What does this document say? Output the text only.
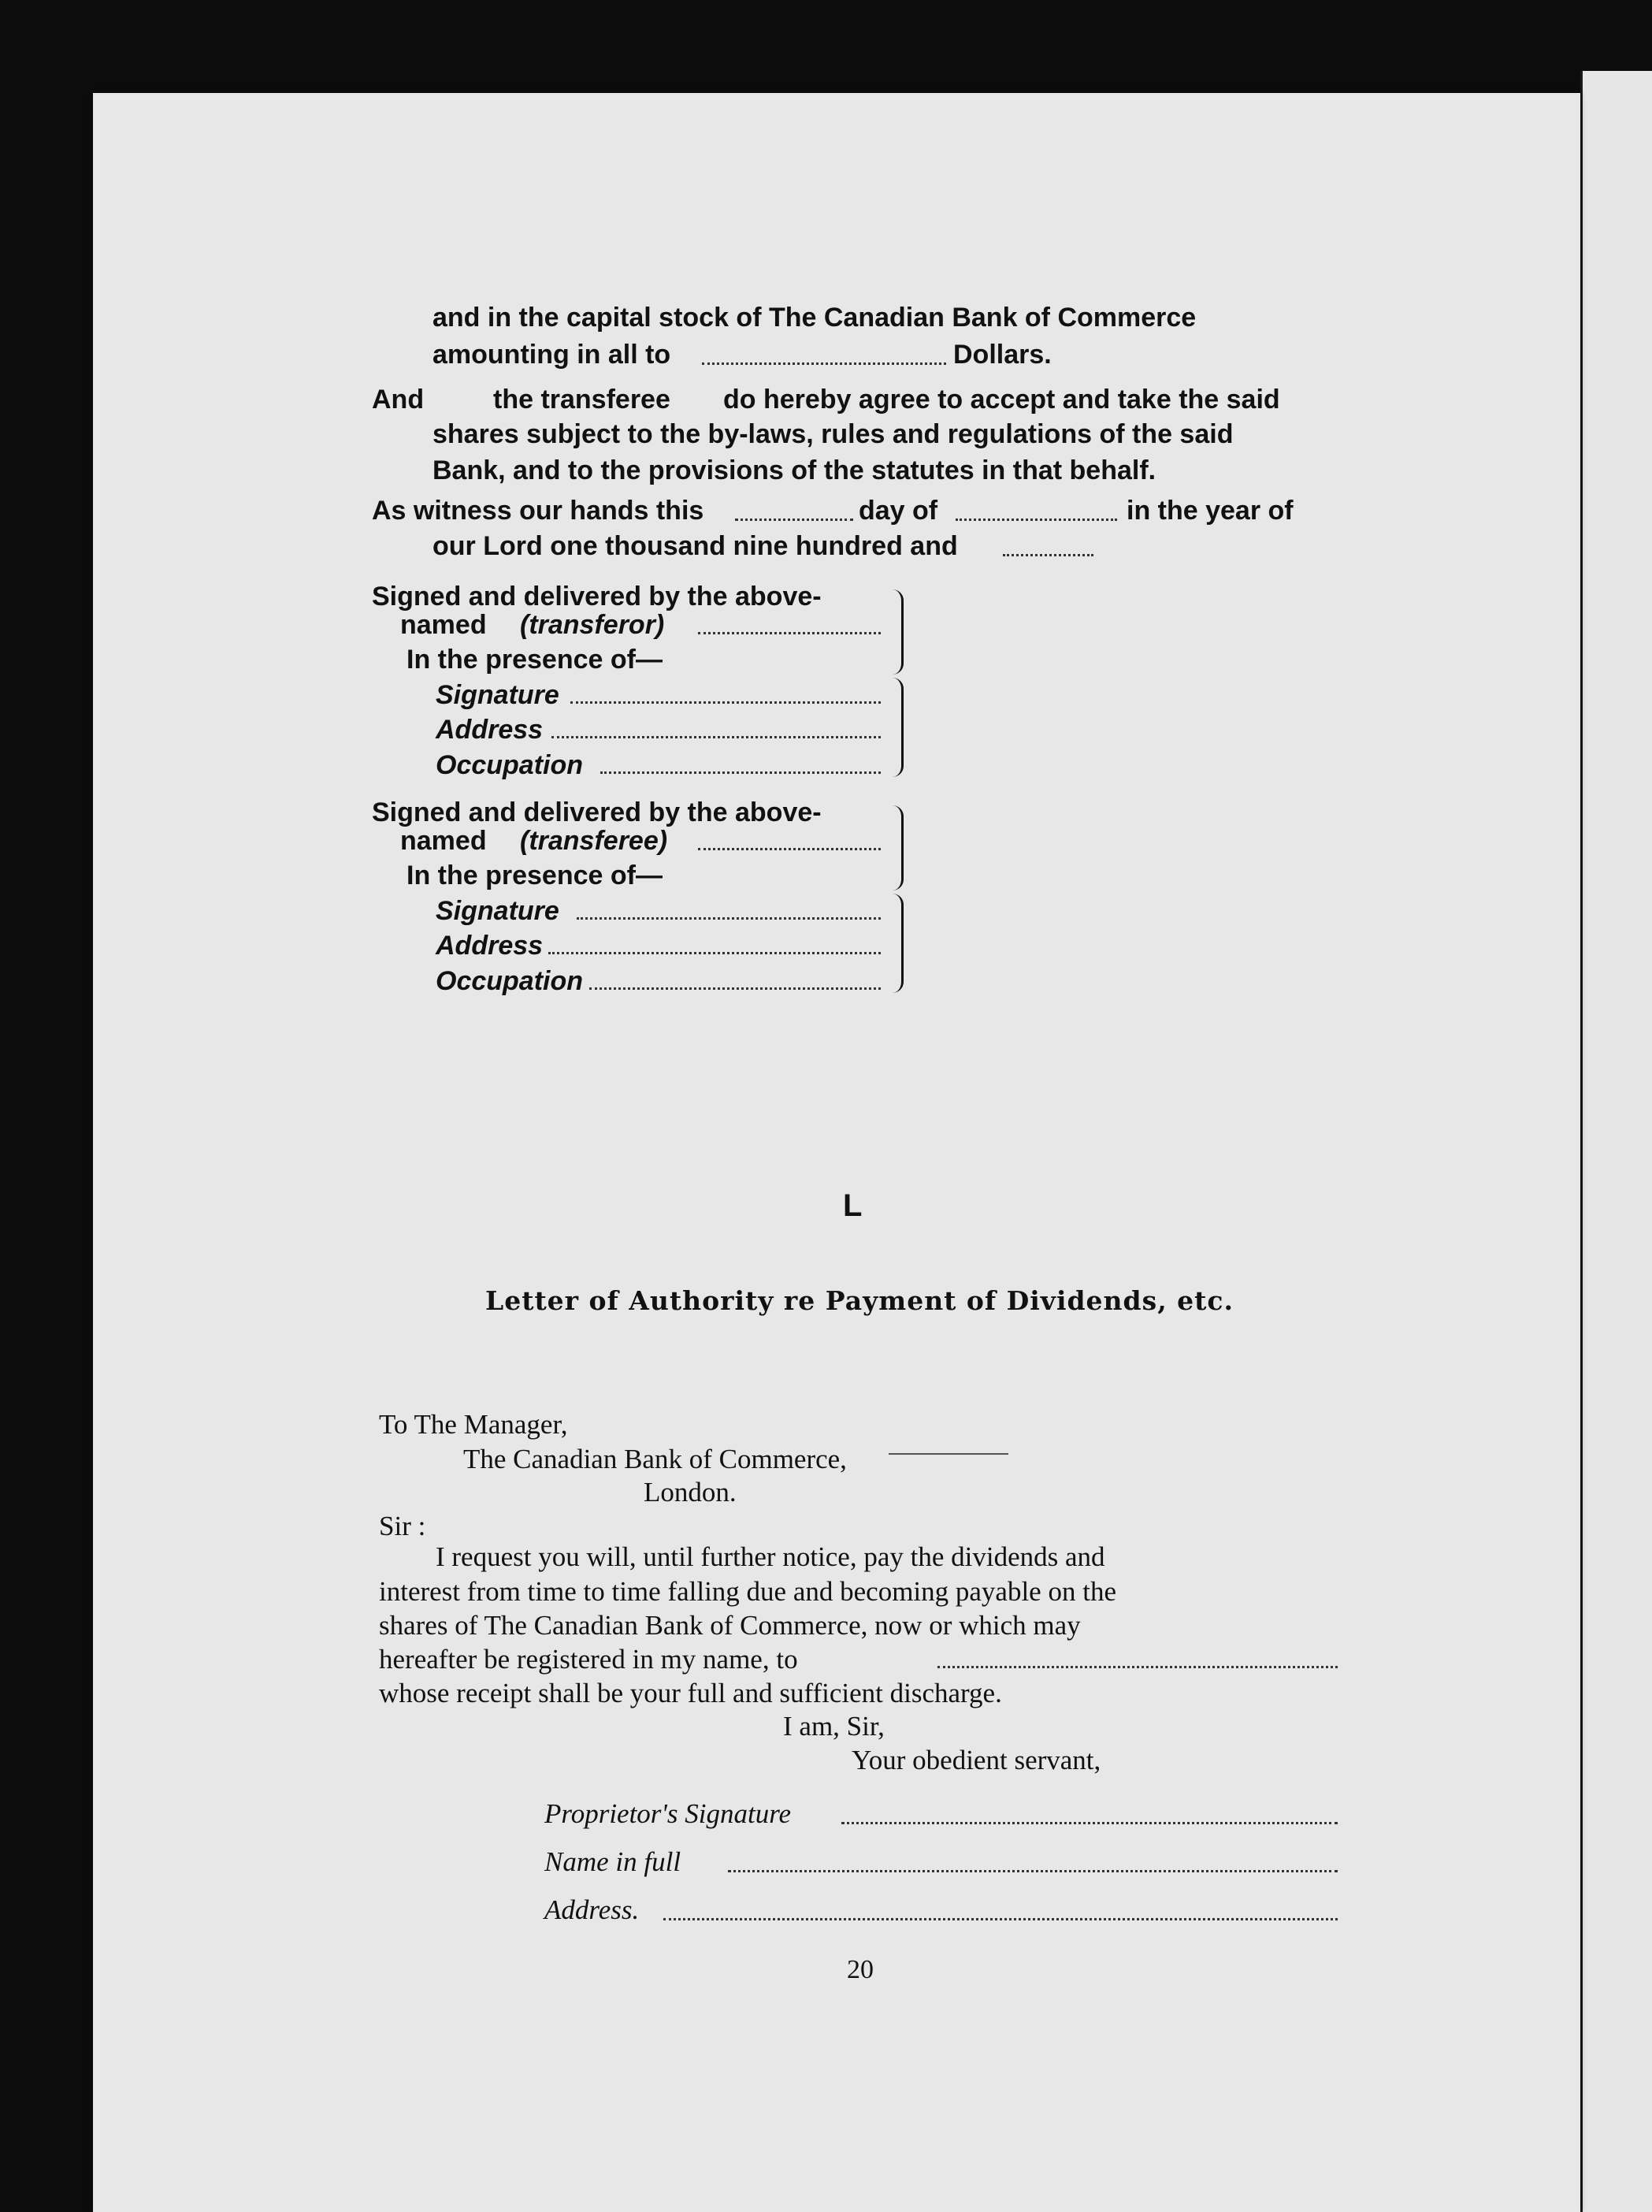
and in the capital stock of The Canadian Bank of Commerce
amounting in all to	Dollars.
And	the transferee do hereby agree to accept and take the said
shares subject to the by-laws, rules and regulations of the said
Bank, and to the provisions of the statutes in that behalf.
As witness our hands this	day of	in the year of
our Lord one thousand nine hundred and
Signed and delivered by the above-
named (transferor)
In the presence of—
Signature
Address
Occupation
Signed and delivered by the above-
named (transferee)
In the presence of—
Signature
Address
Occupation
L
Letter of Authority re Payment of Dividends, etc.
To The Manager,
The Canadian Bank of Commerce,
London.
Sir :
I request you will, until further notice, pay the dividends and
interest from time to time falling due and becoming payable on the
shares of The Canadian Bank of Commerce, now or which may
hereafter be registered in my name, to
whose receipt shall be your full and sufficient discharge.
I am, Sir,
Your obedient servant,
Proprietor's Signature
Name in full
Address.
20
